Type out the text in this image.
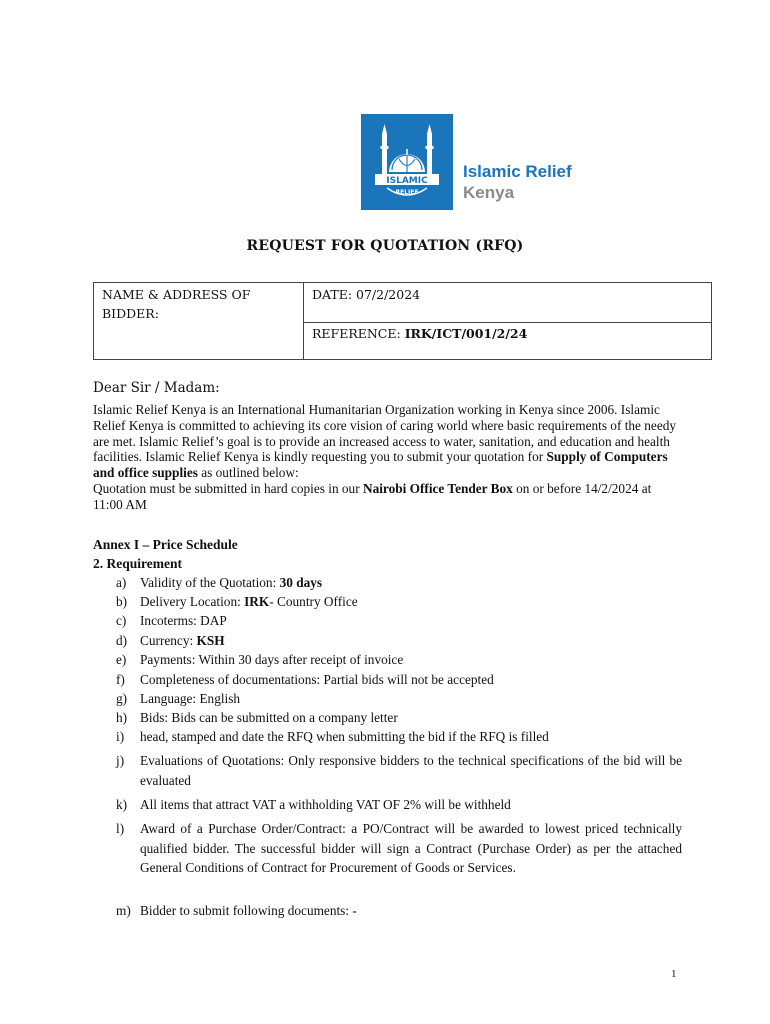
ISLAMIC
RELIEF
Islamic Relief
Kenya
REQUEST FOR QUOTATION (RFQ)
NAME & ADDRESS OF
BIDDER:
DATE: 07/2/2024
REFERENCE: IRK/ICT/001/2/24
Dear Sir / Madam:

Islamic Relief Kenya is an International Humanitarian Organization working in Kenya since 2006. Islamic Relief Kenya is committed to achieving its core vision of caring world where basic requirements of the needy are met. Islamic Relief’s goal is to provide an increased access to water, sanitation, and education and health facilities. Islamic Relief Kenya is kindly requesting you to submit your quotation for Supply of Computers and office supplies as outlined below:

Quotation must be submitted in hard copies in our Nairobi Office Tender Box on or before 14/2/2024 at 11:00 AM

Annex I – Price Schedule
2. Requirement
a)	Validity of the Quotation: 30 days
b) Delivery Location: IRK- Country Office
c)	Incoterms: DAP
d) Currency: KSH
e)	Payments: Within 30 days after receipt of invoice
f)	Completeness of documentations: Partial bids will not be accepted
g) Language: English
h) Bids: Bids can be submitted on a company letter
i)	head, stamped and date the RFQ when submitting the bid if the RFQ is filled
j)	Evaluations of Quotations: Only responsive bidders to the technical specifications of the bid will be evaluated
k) All items that attract VAT a withholding VAT OF 2% will be withheld
l)	Award of a Purchase Order/Contract: a PO/Contract will be awarded to lowest priced technically qualified bidder. The successful bidder will sign a Contract (Purchase Order) as per the attached General Conditions of Contract for Procurement of Goods or Services.
m) Bidder to submit following documents: -
1
